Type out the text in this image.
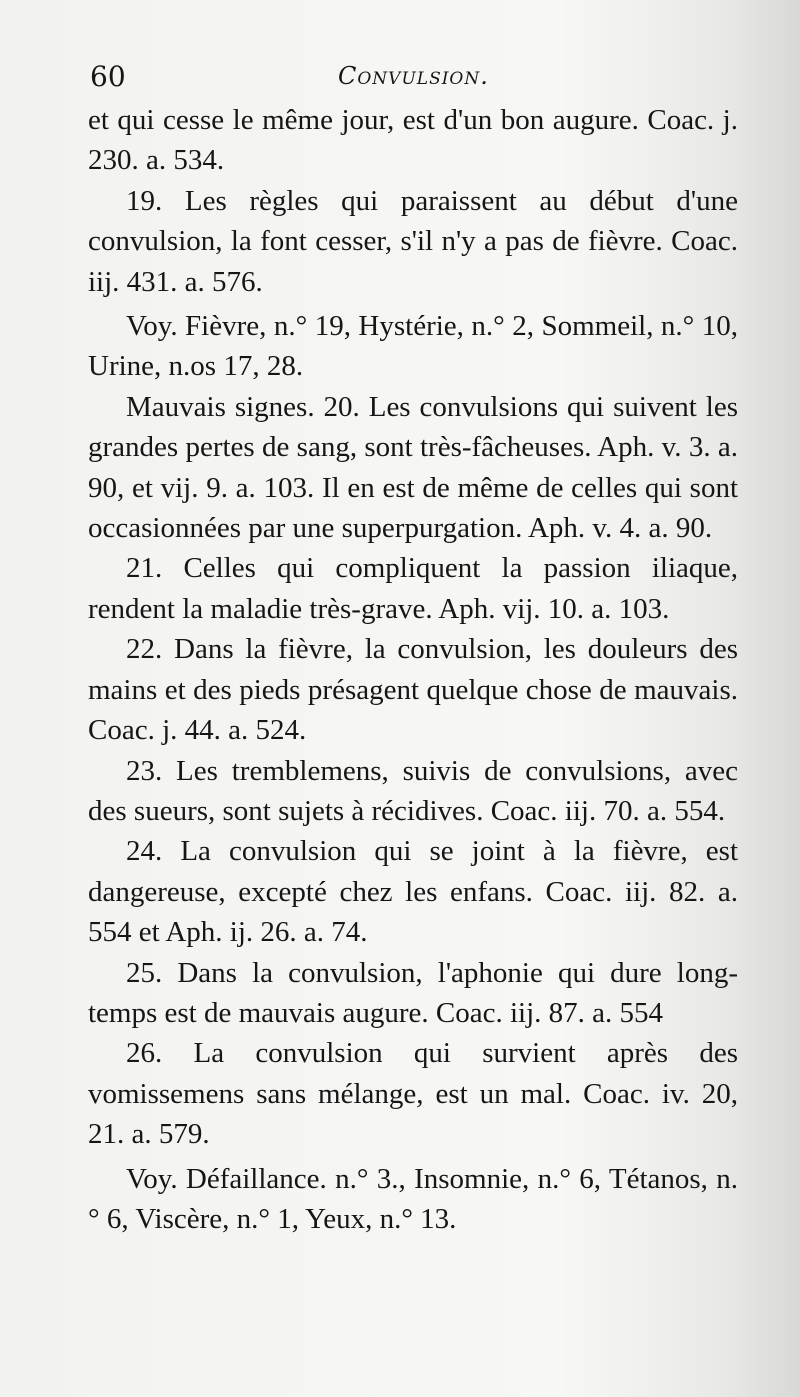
60	Convulsion.

et qui cesse le même jour, est d'un bon augure. Coac. j. 230. a. 534.

19. Les règles qui paraissent au début d'une convulsion, la font cesser, s'il n'y a pas de fièvre. Coac. iij. 431. a. 576.

Voy. Fièvre, n.° 19, Hystérie, n.° 2, Sommeil, n.° 10, Urine, n.os 17, 28.

Mauvais signes. 20. Les convulsions qui suivent les grandes pertes de sang, sont très-fâcheuses. Aph. v. 3. a. 90, et vij. 9. a. 103. Il en est de même de celles qui sont occasionnées par une superpurgation. Aph. v. 4. a. 90.

21. Celles qui compliquent la passion iliaque, rendent la maladie très-grave. Aph. vij. 10. a. 103.

22. Dans la fièvre, la convulsion, les douleurs des mains et des pieds présagent quelque chose de mauvais. Coac. j. 44. a. 524.

23. Les tremblemens, suivis de convulsions, avec des sueurs, sont sujets à récidives. Coac. iij. 70. a. 554.

24. La convulsion qui se joint à la fièvre, est dangereuse, excepté chez les enfans. Coac. iij. 82. a. 554 et Aph. ij. 26. a. 74.

25. Dans la convulsion, l'aphonie qui dure long-temps est de mauvais augure. Coac. iij. 87. a. 554

26. La convulsion qui survient après des vomissemens sans mélange, est un mal. Coac. iv. 20, 21. a. 579.

Voy. Défaillance. n.° 3., Insomnie, n.° 6, Tétanos, n.° 6, Viscère, n.° 1, Yeux, n.° 13.
